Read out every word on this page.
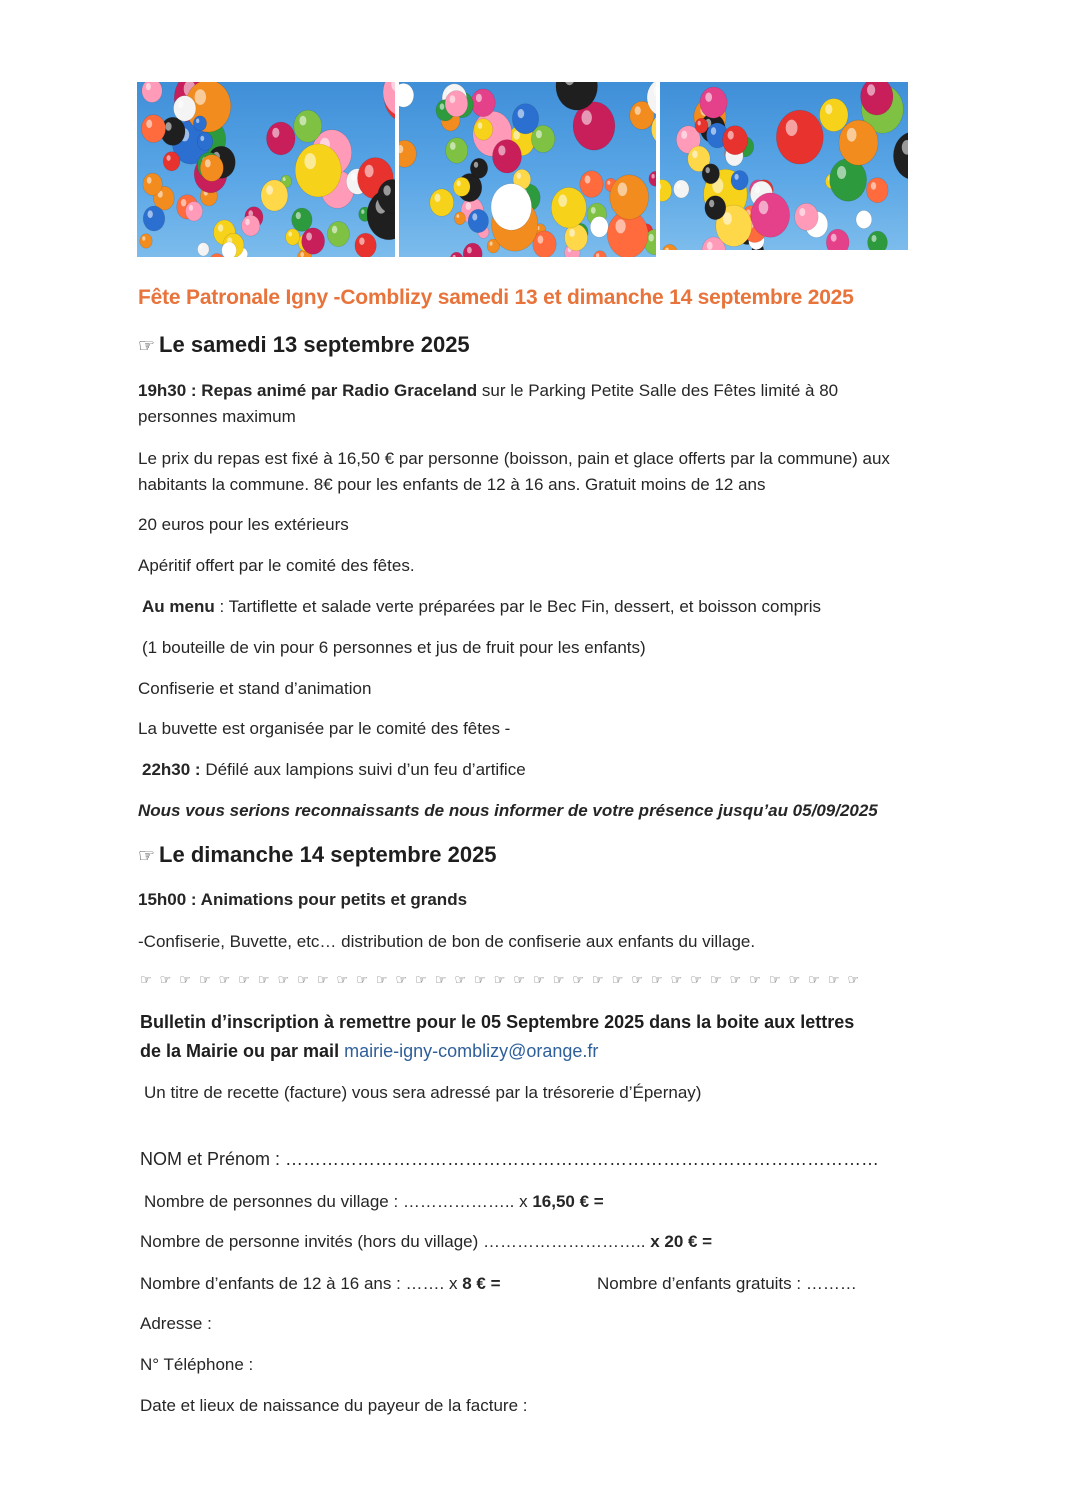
Fête Patronale Igny -Comblizy samedi 13 et dimanche 14 septembre 2025
☞ Le samedi 13 septembre 2025
19h30 : Repas animé par Radio Graceland sur le Parking Petite Salle des Fêtes limité à 80
personnes maximum
Le prix du repas est fixé à 16,50 € par personne (boisson, pain et glace offerts par la commune) aux
habitants la commune. 8€ pour les enfants de 12 à 16 ans. Gratuit moins de 12 ans
20 euros pour les extérieurs
Apéritif offert par le comité des fêtes.
Au menu : Tartiflette et salade verte préparées par le Bec Fin, dessert, et boisson compris
(1 bouteille de vin pour 6 personnes et jus de fruit pour les enfants)
Confiserie et stand d’animation
La buvette est organisée par le comité des fêtes -
22h30 : Défilé aux lampions suivi d’un feu d’artifice
Nous vous serions reconnaissants de nous informer de votre présence jusqu’au 05/09/2025
☞ Le dimanche 14 septembre 2025
15h00 : Animations pour petits et grands
-Confiserie, Buvette, etc… distribution de bon de confiserie aux enfants du village.
☞☞☞☞☞☞☞☞☞☞☞☞☞☞☞☞☞☞☞☞☞☞☞☞☞☞☞☞☞☞☞☞☞☞☞☞☞
Bulletin d’inscription à remettre pour le 05 Septembre 2025 dans la boite aux lettres
de la Mairie ou par mail mairie-igny-comblizy@orange.fr
Un titre de recette (facture) vous sera adressé par la trésorerie d’Épernay)
NOM et Prénom : ………………………………………………………………………………………
Nombre de personnes du village : ……………….. x 16,50 € =
Nombre de personne invités (hors du village) ……………………….. x 20 € =
Nombre d’enfants de 12 à 16 ans : ……. x 8 € =	Nombre d’enfants gratuits : ………
Adresse :
N° Téléphone :
Date et lieux de naissance du payeur de la facture :
